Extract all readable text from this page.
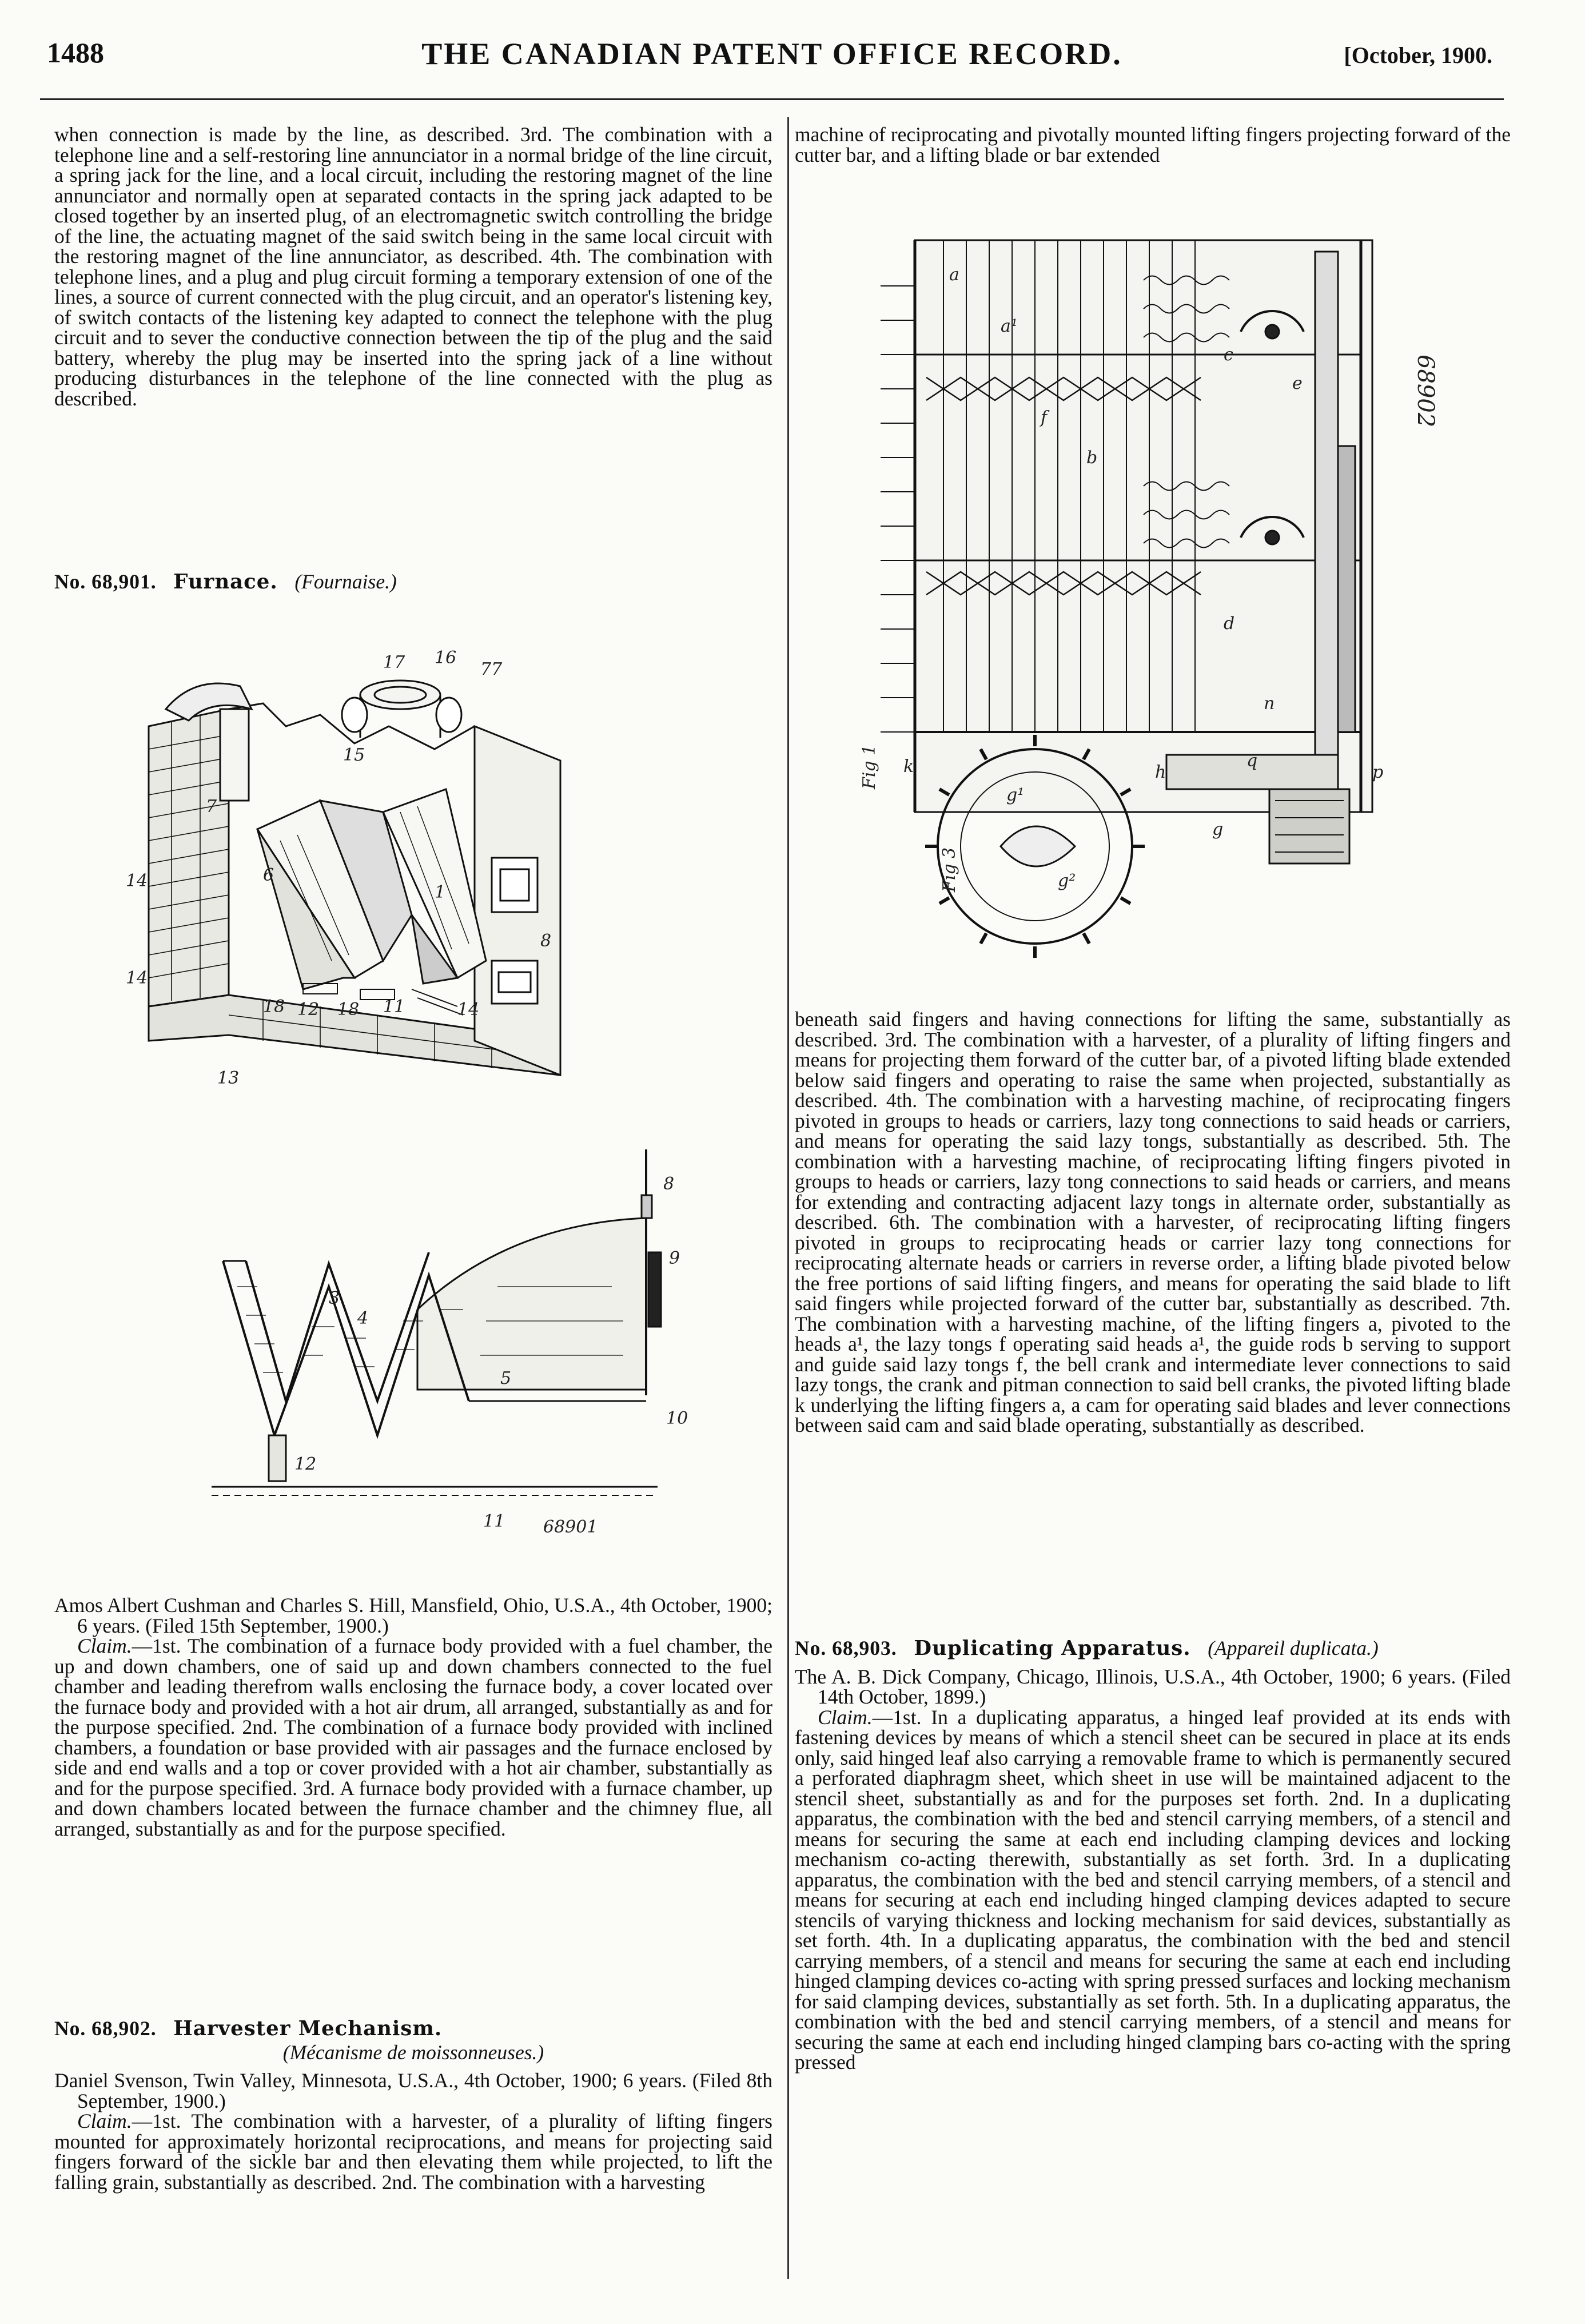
1488	THE CANADIAN PATENT OFFICE RECORD.	[October, 1900.

when connection is made by the line, as described. 3rd. The combination with a telephone line and a self-restoring line annunciator in a normal bridge of the line circuit, a spring jack for the line, and a local circuit, including the restoring magnet of the line annunciator and normally open at separated contacts in the spring jack adapted to be closed together by an inserted plug, of an electromagnetic switch controlling the bridge of the line, the actuating magnet of the said switch being in the same local circuit with the restoring magnet of the line annunciator, as described. 4th. The combination with telephone lines, and a plug and plug circuit forming a temporary extension of one of the lines, a source of current connected with the plug circuit, and an operator's listening key, of switch contacts of the listening key adapted to connect the telephone with the plug circuit and to sever the conductive connection between the tip of the plug and the said battery, whereby the plug may be inserted into the spring jack of a line without producing disturbances in the telephone of the line connected with the plug as described.

No. 68,901. Furnace. (Fournaise.)

17 16
77
15
7
14
14
6
1
8
18 12 18 11
13
14
8
9
10
3
4
5
12
11 68901

Amos Albert Cushman and Charles S. Hill, Mansfield, Ohio, U.S.A., 4th October, 1900; 6 years. (Filed 15th September, 1900.)

Claim.—1st. The combination of a furnace body provided with a fuel chamber, the up and down chambers, one of said up and down chambers connected to the fuel chamber and leading therefrom walls enclosing the furnace body, a cover located over the furnace body and provided with a hot air drum, all arranged, substantially as and for the purpose specified. 2nd. The combination of a furnace body provided with inclined chambers, a foundation or base provided with air passages and the furnace enclosed by side and end walls and a top or cover provided with a hot air chamber, substantially as and for the purpose specified. 3rd. A furnace body provided with a furnace chamber, up and down chambers located between the furnace chamber and the chimney flue, all arranged, substantially as and for the purpose specified.

No. 68,902. Harvester Mechanism.

(Mécanisme de moissonneuses.)

Daniel Svenson, Twin Valley, Minnesota, U.S.A., 4th October, 1900; 6 years. (Filed 8th September, 1900.)

Claim.—1st. The combination with a harvester, of a plurality of lifting fingers mounted for approximately horizontal reciprocations, and means for projecting said fingers forward of the sickle bar and then elevating them while projected, to lift the falling grain, substantially as described. 2nd. The combination with a harvesting

machine of reciprocating and pivotally mounted lifting fingers projecting forward of the cutter bar, and a lifting blade or bar extended

Fig 1
Fig 3
68902
a
a¹
f
b
k
c
d
e
g
h
n
p
g¹
g²
q

beneath said fingers and having connections for lifting the same, substantially as described. 3rd. The combination with a harvester, of a plurality of lifting fingers and means for projecting them forward of the cutter bar, of a pivoted lifting blade extended below said fingers and operating to raise the same when projected, substantially as described. 4th. The combination with a harvesting machine, of reciprocating fingers pivoted in groups to heads or carriers, lazy tong connections to said heads or carriers, and means for operating the said lazy tongs, substantially as described. 5th. The combination with a harvesting machine, of reciprocating lifting fingers pivoted in groups to heads or carriers, lazy tong connections to said heads or carriers, and means for extending and contracting adjacent lazy tongs in alternate order, substantially as described. 6th. The combination with a harvester, of reciprocating lifting fingers pivoted in groups to reciprocating heads or carrier lazy tong connections for reciprocating alternate heads or carriers in reverse order, a lifting blade pivoted below the free portions of said lifting fingers, and means for operating the said blade to lift said fingers while projected forward of the cutter bar, substantially as described. 7th. The combination with a harvesting machine, of the lifting fingers a, pivoted to the heads a¹, the lazy tongs f operating said heads a¹, the guide rods b serving to support and guide said lazy tongs f, the bell crank and intermediate lever connections to said lazy tongs, the crank and pitman connection to said bell cranks, the pivoted lifting blade k underlying the lifting fingers a, a cam for operating said blades and lever connections between said cam and said blade operating, substantially as described.

No. 68,903. Duplicating Apparatus. (Appareil duplicata.)

The A. B. Dick Company, Chicago, Illinois, U.S.A., 4th October, 1900; 6 years. (Filed 14th October, 1899.)

Claim.—1st. In a duplicating apparatus, a hinged leaf provided at its ends with fastening devices by means of which a stencil sheet can be secured in place at its ends only, said hinged leaf also carrying a removable frame to which is permanently secured a perforated diaphragm sheet, which sheet in use will be maintained adjacent to the stencil sheet, substantially as and for the purposes set forth. 2nd. In a duplicating apparatus, the combination with the bed and stencil carrying members, of a stencil and means for securing the same at each end including clamping devices and locking mechanism co-acting therewith, substantially as set forth. 3rd. In a duplicating apparatus, the combination with the bed and stencil carrying members, of a stencil and means for securing at each end including hinged clamping devices adapted to secure stencils of varying thickness and locking mechanism for said devices, substantially as set forth. 4th. In a duplicating apparatus, the combination with the bed and stencil carrying members, of a stencil and means for securing the same at each end including hinged clamping devices co-acting with spring pressed surfaces and locking mechanism for said clamping devices, substantially as set forth. 5th. In a duplicating apparatus, the combination with the bed and stencil carrying members, of a stencil and means for securing the same at each end including hinged clamping bars co-acting with the spring pressed
